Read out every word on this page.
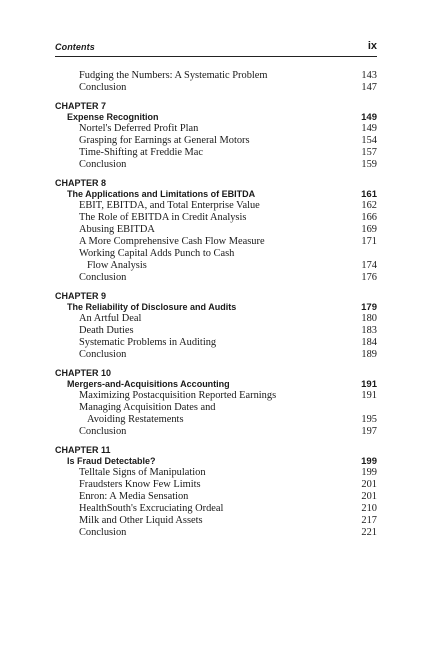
Contents	ix
Fudging the Numbers: A Systematic Problem	143
Conclusion	147
CHAPTER 7
Expense Recognition	149
Nortel's Deferred Profit Plan	149
Grasping for Earnings at General Motors	154
Time-Shifting at Freddie Mac	157
Conclusion	159
CHAPTER 8
The Applications and Limitations of EBITDA	161
EBIT, EBITDA, and Total Enterprise Value	162
The Role of EBITDA in Credit Analysis	166
Abusing EBITDA	169
A More Comprehensive Cash Flow Measure	171
Working Capital Adds Punch to Cash
Flow Analysis	174
Conclusion	176
CHAPTER 9
The Reliability of Disclosure and Audits	179
An Artful Deal	180
Death Duties	183
Systematic Problems in Auditing	184
Conclusion	189
CHAPTER 10
Mergers-and-Acquisitions Accounting	191
Maximizing Postacquisition Reported Earnings	191
Managing Acquisition Dates and
Avoiding Restatements	195
Conclusion	197
CHAPTER 11
Is Fraud Detectable?	199
Telltale Signs of Manipulation	199
Fraudsters Know Few Limits	201
Enron: A Media Sensation	201
HealthSouth's Excruciating Ordeal	210
Milk and Other Liquid Assets	217
Conclusion	221
